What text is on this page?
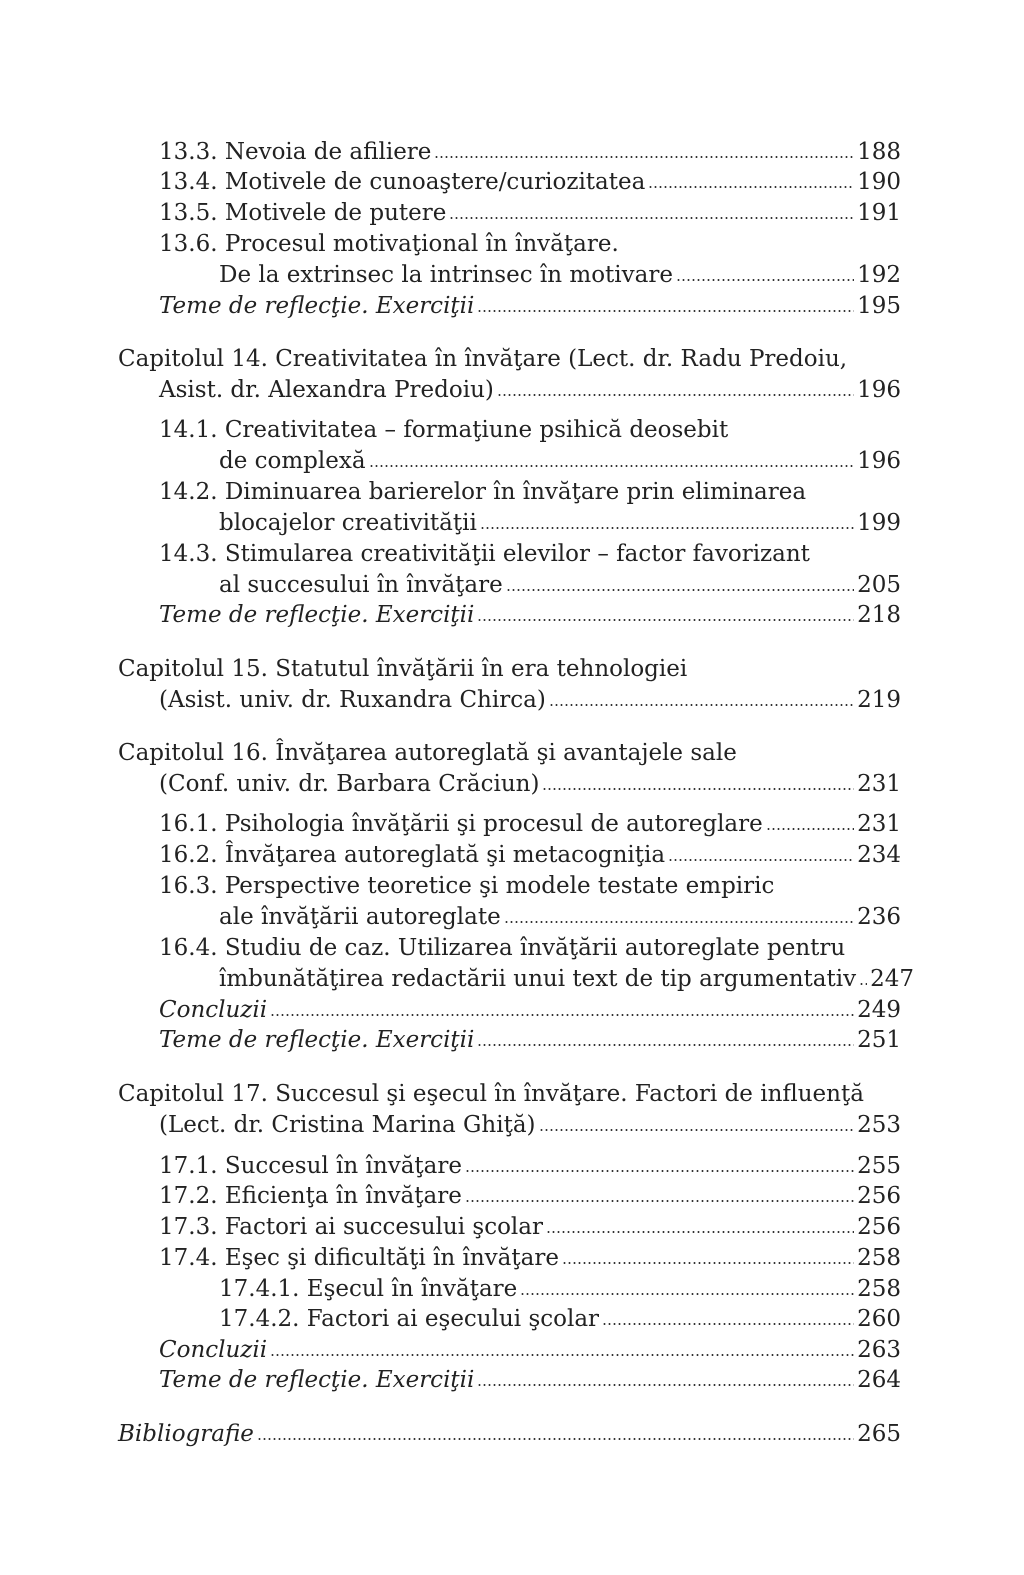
13.3. Nevoia de afiliere	188
13.4. Motivele de cunoaştere/curiozitatea	190
13.5. Motivele de putere	191
13.6. Procesul motivaţional în învăţare.
De la extrinsec la intrinsec în motivare	192
Teme de reflecţie. Exerciţii	195
Capitolul 14. Creativitatea în învăţare (Lect. dr. Radu Predoiu,
Asist. dr. Alexandra Predoiu)	196
14.1. Creativitatea – formaţiune psihică deosebit
de complexă	196
14.2. Diminuarea barierelor în învăţare prin eliminarea
blocajelor creativităţii	199
14.3. Stimularea creativităţii elevilor – factor favorizant
al succesului în învăţare	205
Teme de reflecţie. Exerciţii	218
Capitolul 15. Statutul învăţării în era tehnologiei
(Asist. univ. dr. Ruxandra Chirca)	219
Capitolul 16. Învăţarea autoreglată şi avantajele sale
(Conf. univ. dr. Barbara Crăciun)	231
16.1. Psihologia învăţării şi procesul de autoreglare	231
16.2. Învăţarea autoreglată şi metacogniţia	234
16.3. Perspective teoretice şi modele testate empiric
ale învăţării autoreglate	236
16.4. Studiu de caz. Utilizarea învăţării autoreglate pentru
îmbunătăţirea redactării unui text de tip argumentativ 247
Concluzii	249
Teme de reflecţie. Exerciţii	251
Capitolul 17. Succesul şi eşecul în învăţare. Factori de influenţă
(Lect. dr. Cristina Marina Ghiţă)	253
17.1. Succesul în învăţare	255
17.2. Eficienţa în învăţare	256
17.3. Factori ai succesului şcolar	256
17.4. Eşec şi dificultăţi în învăţare	258
17.4.1. Eşecul în învăţare	258
17.4.2. Factori ai eşecului şcolar	260
Concluzii	263
Teme de reflecţie. Exerciţii	264
Bibliografie	265
